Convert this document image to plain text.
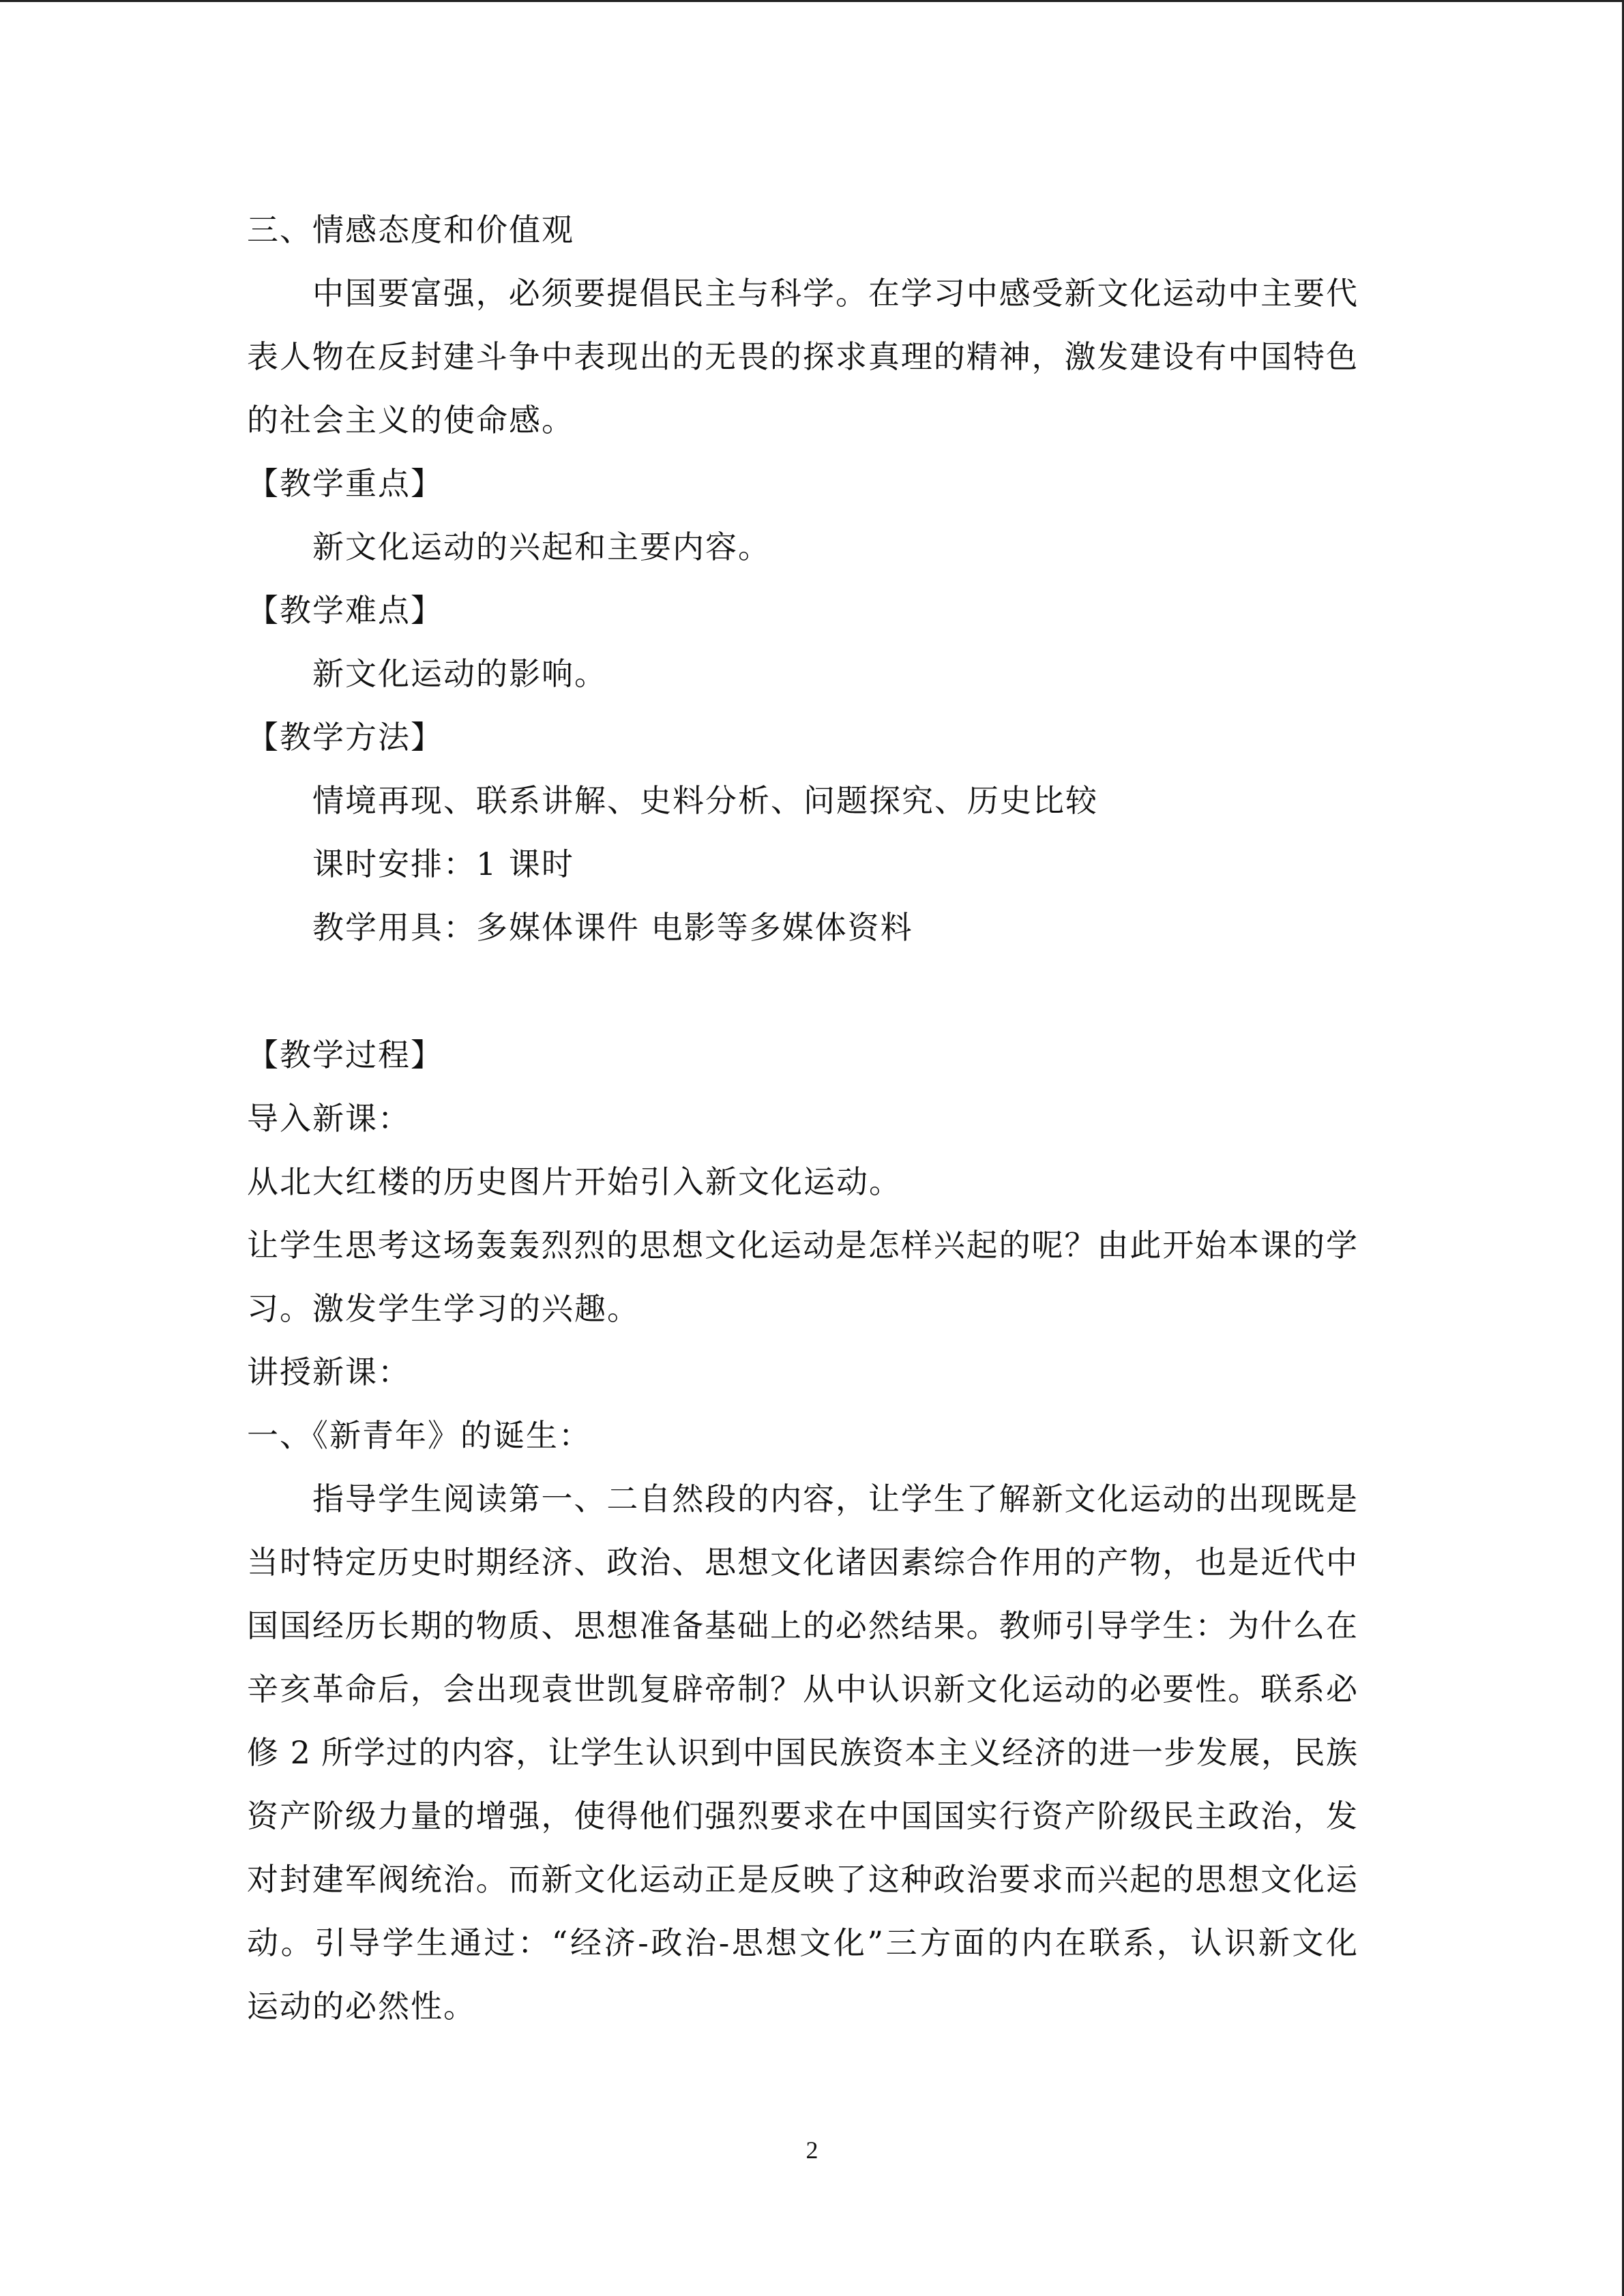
三、情感态度和价值观
中国要富强，必须要提倡民主与科学。在学习中感受新文化运动中主要代
表人物在反封建斗争中表现出的无畏的探求真理的精神，激发建设有中国特色
的社会主义的使命感。
【教学重点】
新文化运动的兴起和主要内容。
【教学难点】
新文化运动的影响。
【教学方法】
情境再现、联系讲解、史料分析、问题探究、历史比较
课时安排：1 课时
教学用具：多媒体课件 电影等多媒体资料
【教学过程】
导入新课：
从北大红楼的历史图片开始引入新文化运动。
让学生思考这场轰轰烈烈的思想文化运动是怎样兴起的呢？由此开始本课的学
习。激发学生学习的兴趣。
讲授新课：
一、《新青年》的诞生：
指导学生阅读第一、二自然段的内容，让学生了解新文化运动的出现既是
当时特定历史时期经济、政治、思想文化诸因素综合作用的产物，也是近代中
国国经历长期的物质、思想准备基础上的必然结果。教师引导学生：为什么在
辛亥革命后，会出现袁世凯复辟帝制？从中认识新文化运动的必要性。联系必
修 2 所学过的内容，让学生认识到中国民族资本主义经济的进一步发展，民族
资产阶级力量的增强，使得他们强烈要求在中国国实行资产阶级民主政治，发
对封建军阀统治。而新文化运动正是反映了这种政治要求而兴起的思想文化运
动。引导学生通过：“经济-政治-思想文化”三方面的内在联系，认识新文化
运动的必然性。
2
